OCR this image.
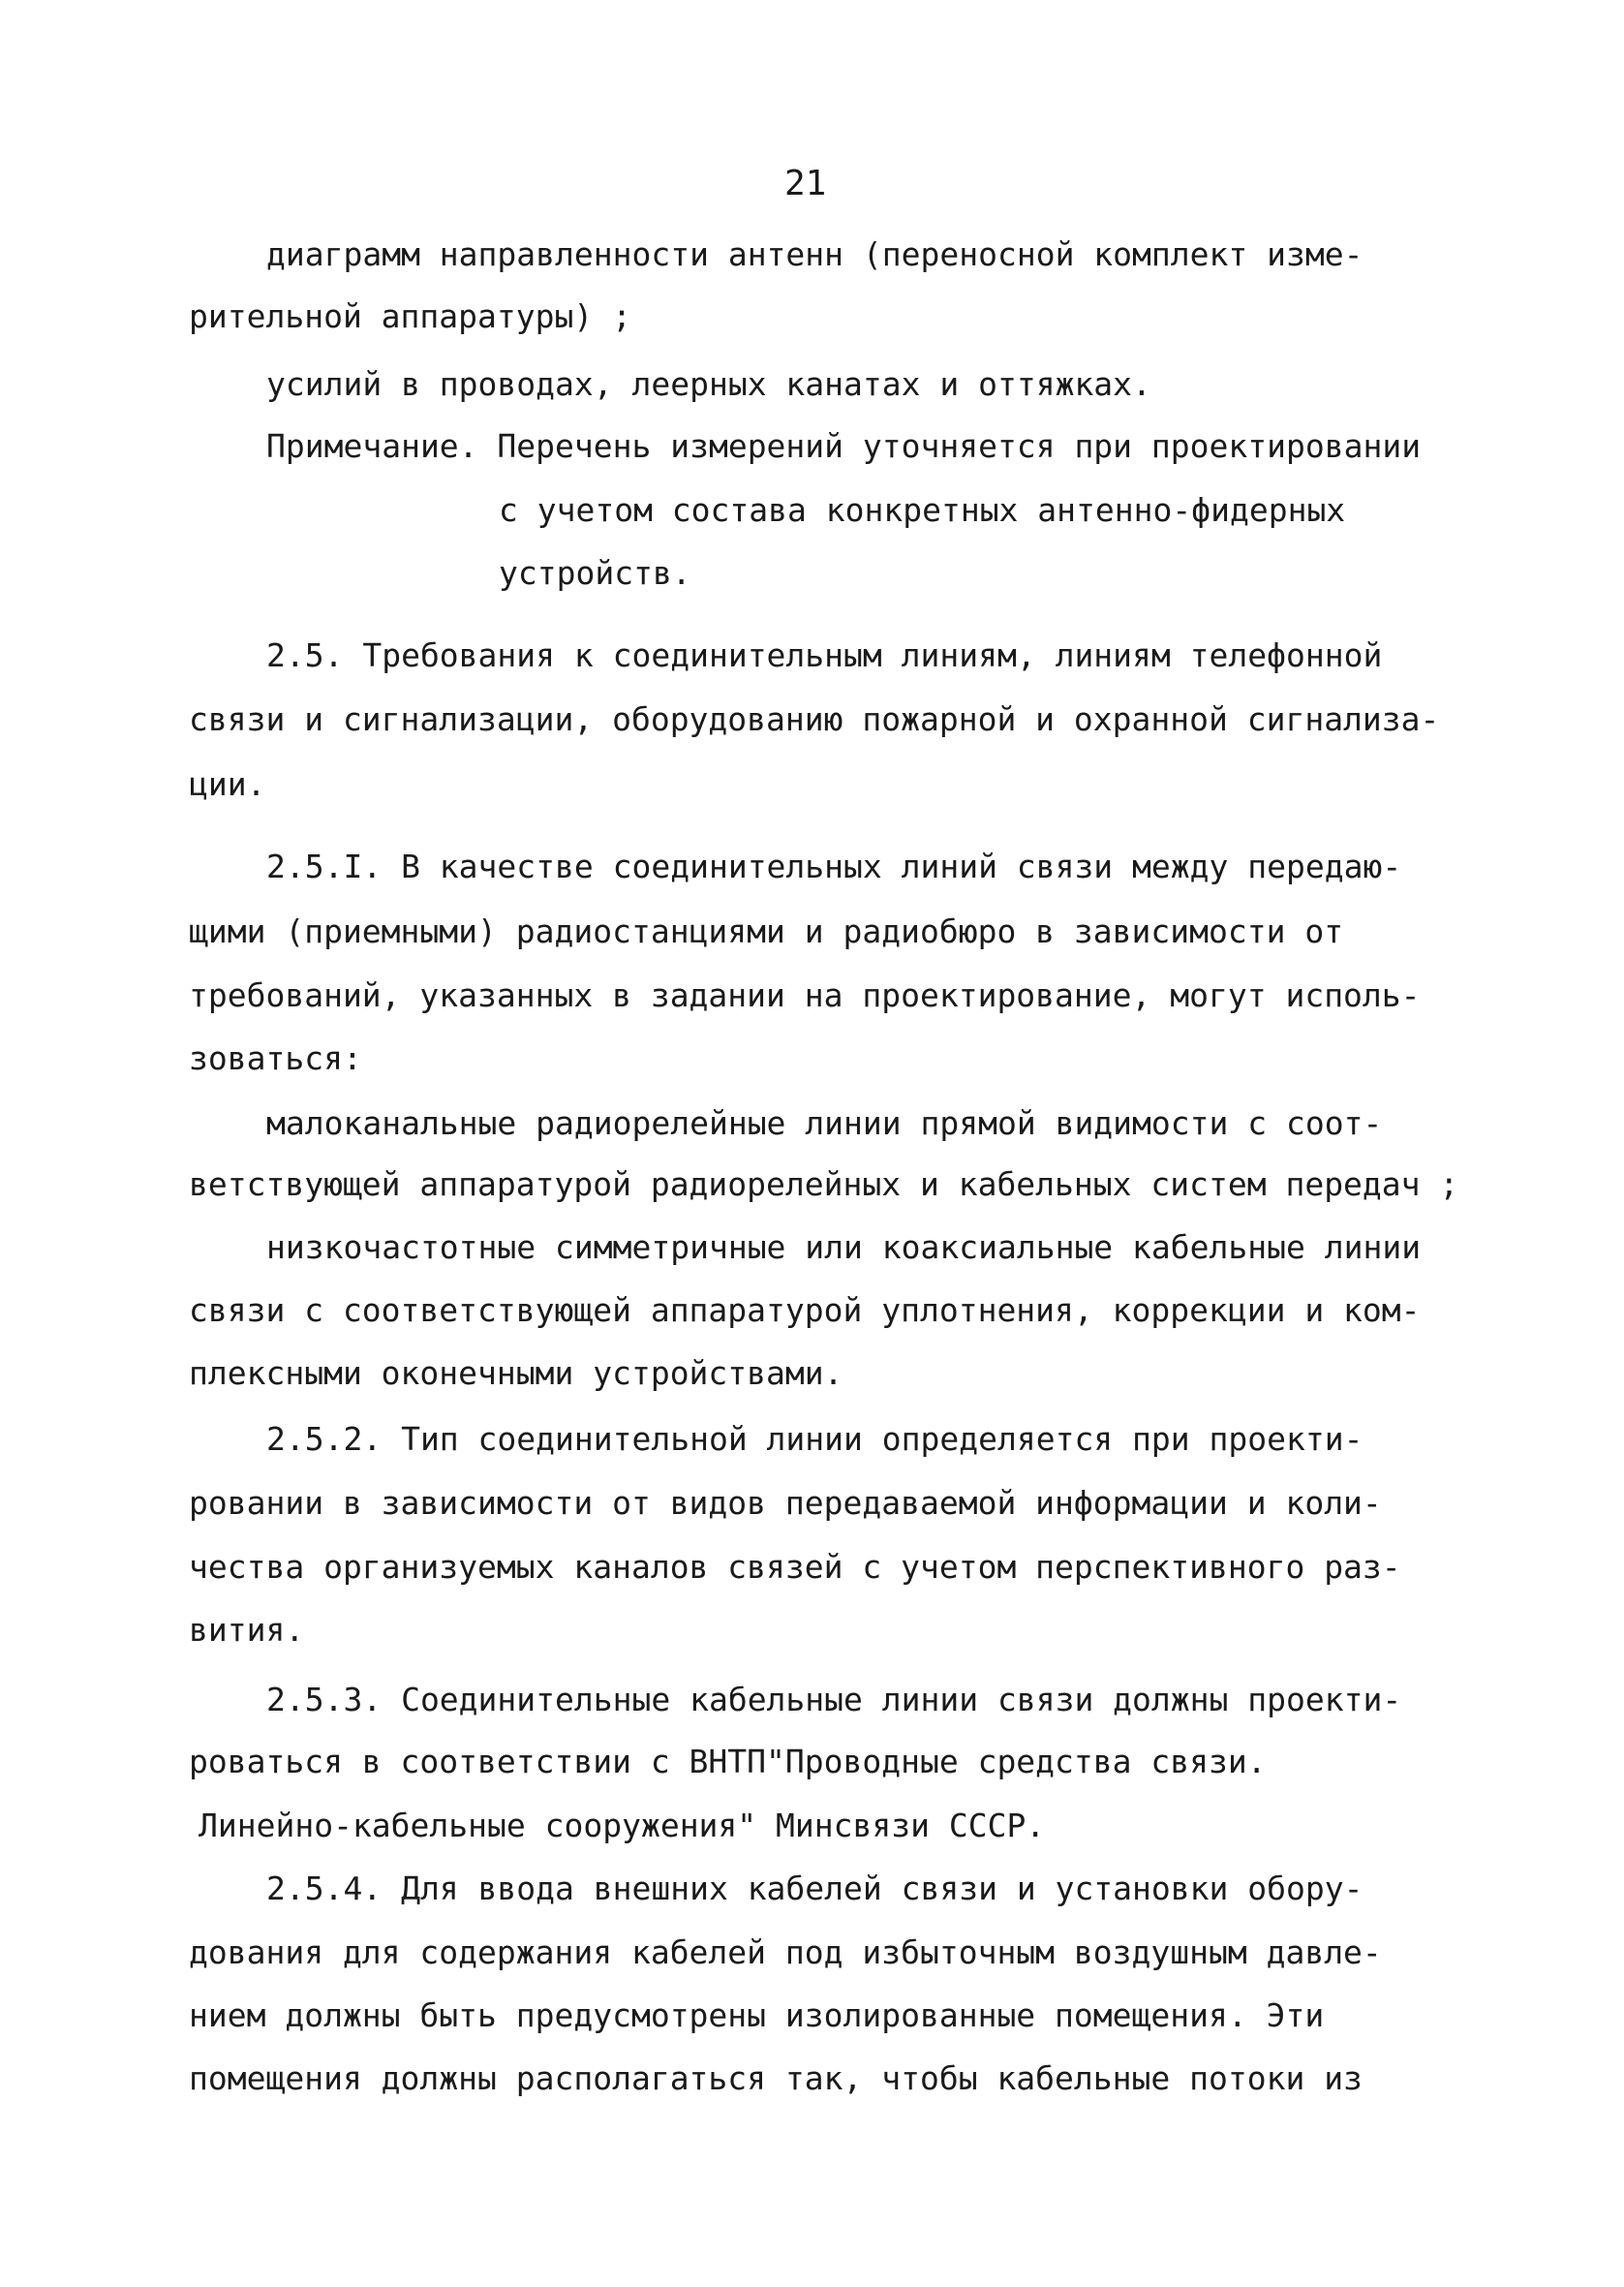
21
диаграмм направленности антенн (переносной комплект изме-
рительной аппаратуры) ;
усилий в проводах, леерных канатах и оттяжках.
Примечание. Перечень измерений уточняется при проектировании
с учетом состава конкретных антенно-фидерных
устройств.
2.5. Требования к соединительным линиям, линиям телефонной
связи и сигнализации, оборудованию пожарной и охранной сигнализа-
ции.
2.5.I. В качестве соединительных линий связи между передаю-
щими (приемными) радиостанциями и радиобюро в зависимости от
требований, указанных в задании на проектирование, могут исполь-
зоваться:
малоканальные радиорелейные линии прямой видимости с соот-
ветствующей аппаратурой радиорелейных и кабельных систем передач ;
низкочастотные симметричные или коаксиальные кабельные линии
связи с соответствующей аппаратурой уплотнения, коррекции и ком-
плексными оконечными устройствами.
2.5.2. Тип соединительной линии определяется при проекти-
ровании в зависимости от видов передаваемой информации и коли-
чества организуемых каналов связей с учетом перспективного раз-
вития.
2.5.3. Соединительные кабельные линии связи должны проекти-
роваться в соответствии с ВНТП"Проводные средства связи.
Линейно-кабельные сооружения" Минсвязи СССР.
2.5.4. Для ввода внешних кабелей связи и установки обору-
дования для содержания кабелей под избыточным воздушным давле-
нием должны быть предусмотрены изолированные помещения. Эти
помещения должны располагаться так, чтобы кабельные потоки из
